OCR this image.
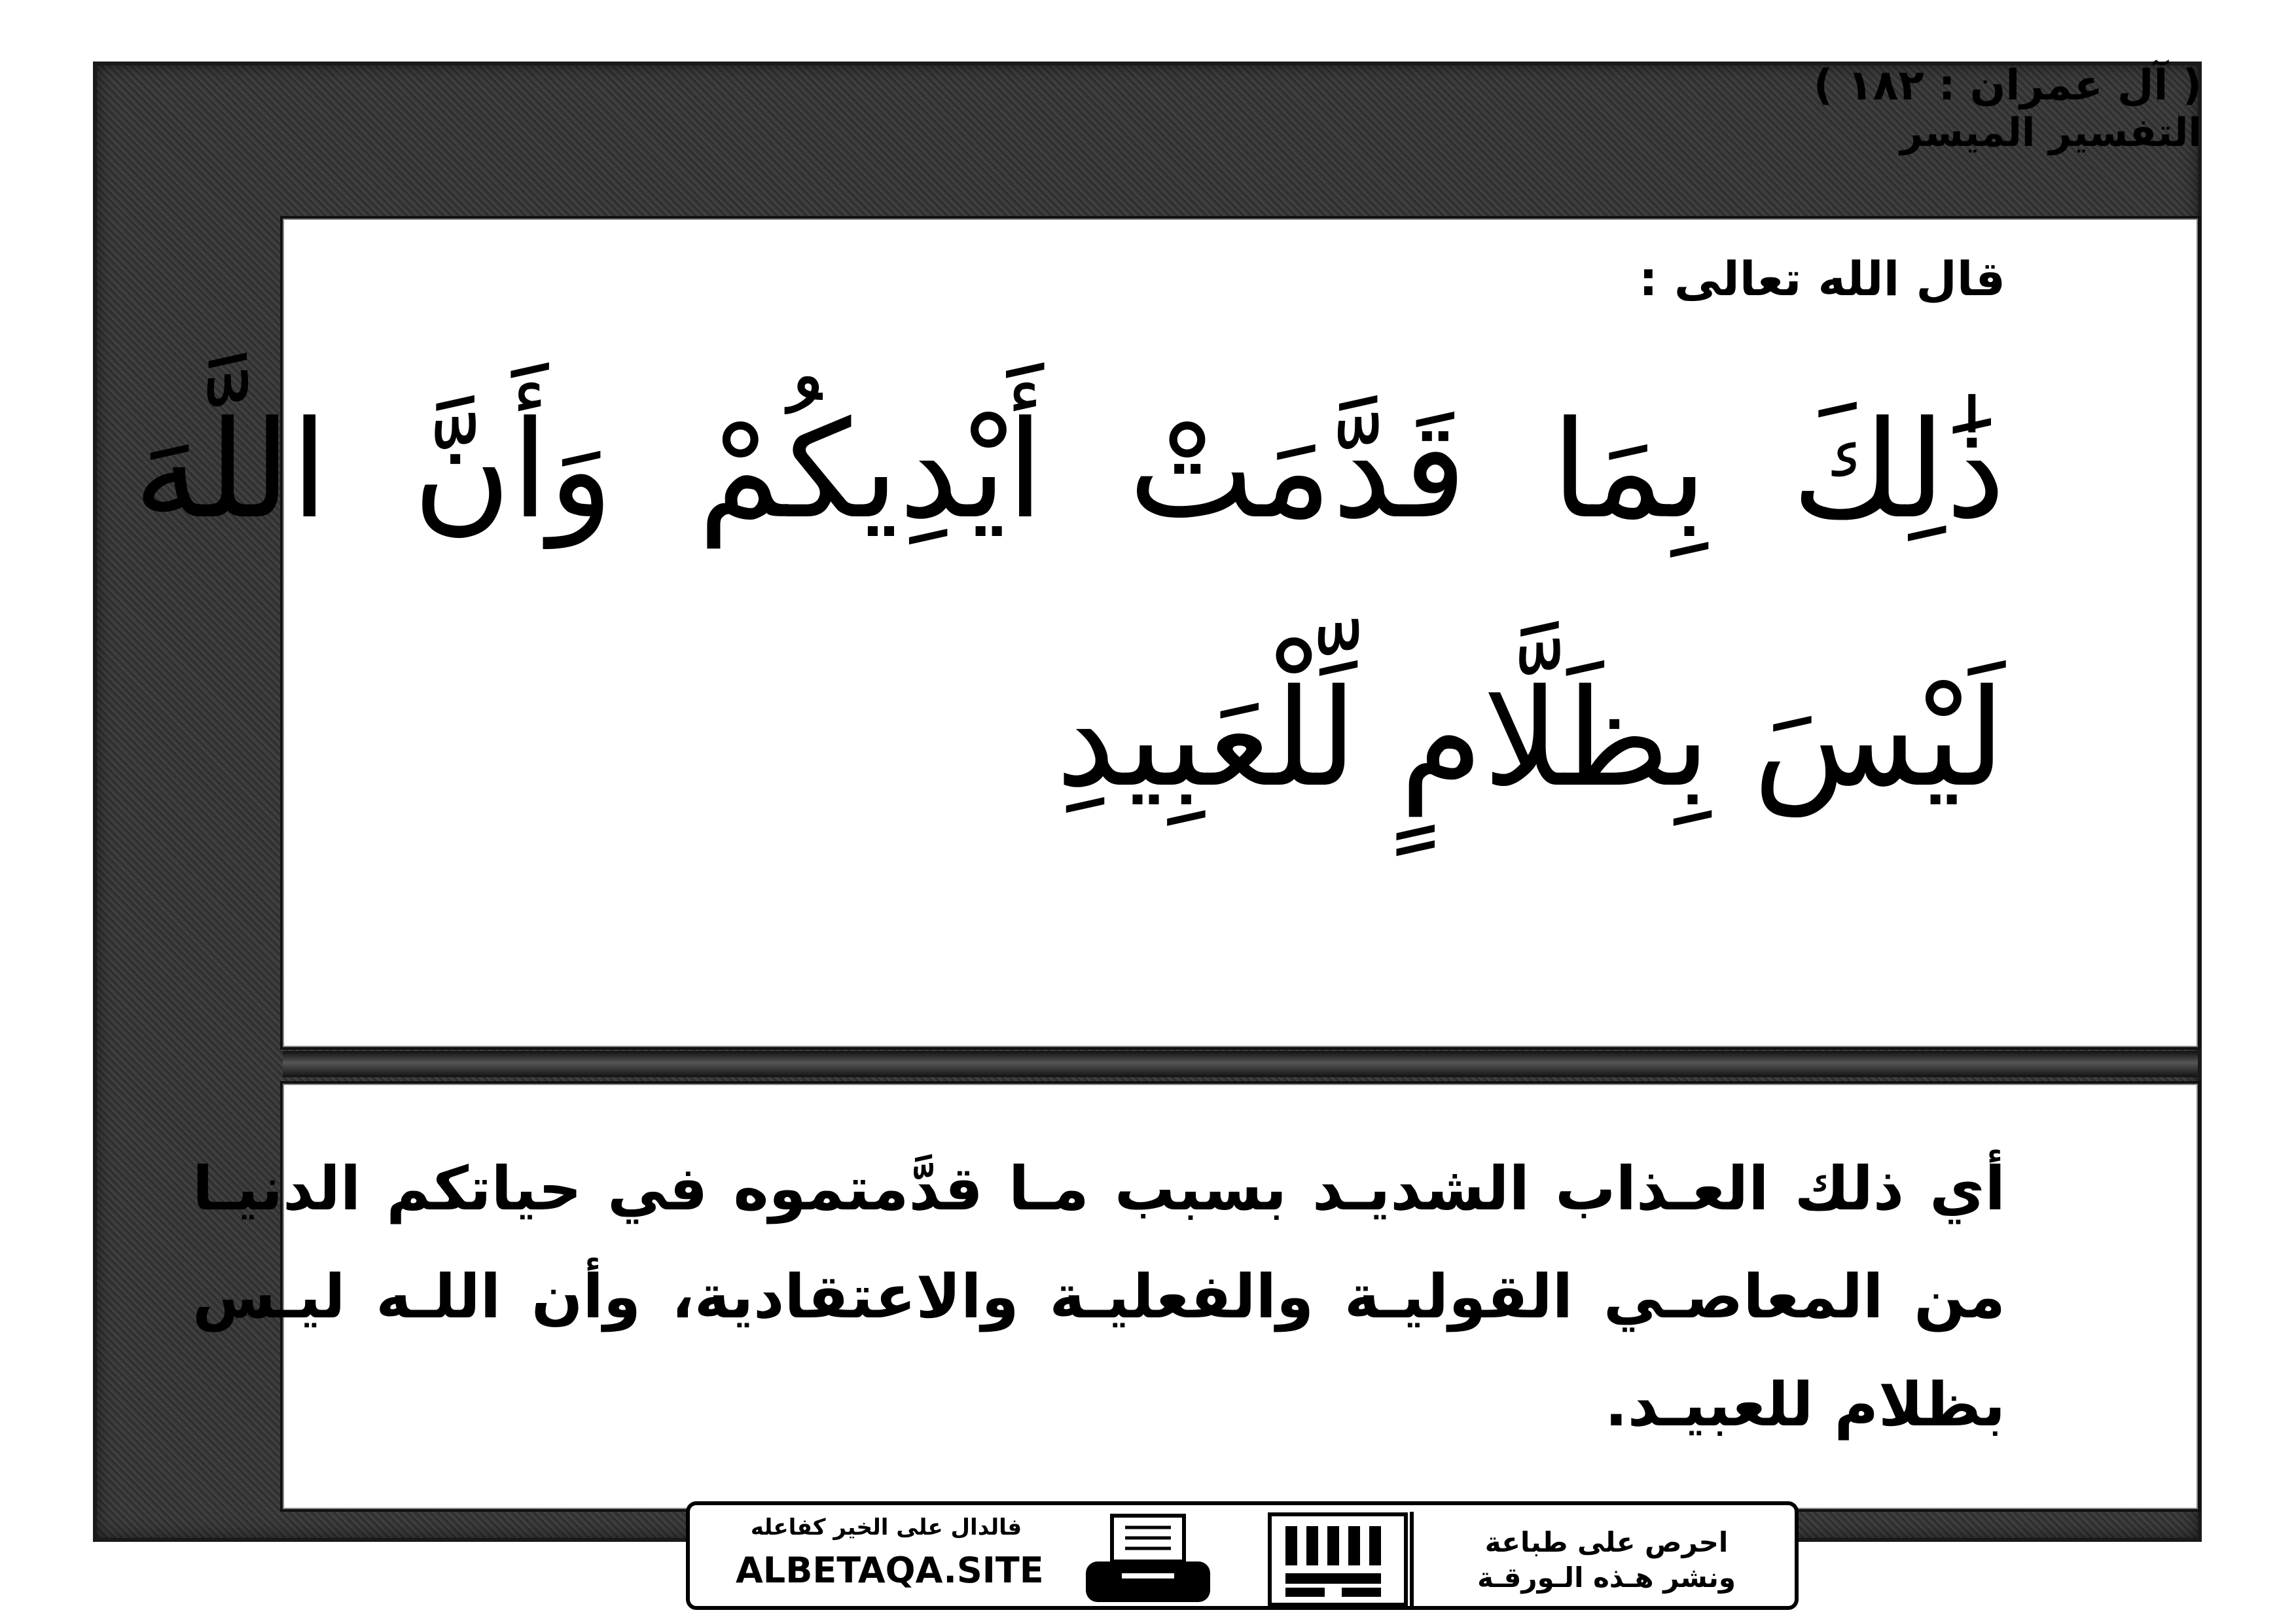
قال الله تعالى :
ذَٰلِكَ بِمَا قَدَّمَتْ أَيْدِيكُمْ وَأَنَّ اللَّهَ لَيْسَ بِظَلَّامٍ لِّلْعَبِيدِ
( آل عمران : ١٨٢ )
أي ذلك العـذاب الشديـد بسبب مـا قدَّمتموه في حياتكم الدنيـا من المعاصـي القوليـة والفعليـة والاعتقادية، وأن اللـه ليـس بظلام للعبيـد.
التفسير الميسر
فالدال على الخير كفاعله
ALBETAQA.SITE
احرص على طباعة
ونشر هـذه الـورقـة
